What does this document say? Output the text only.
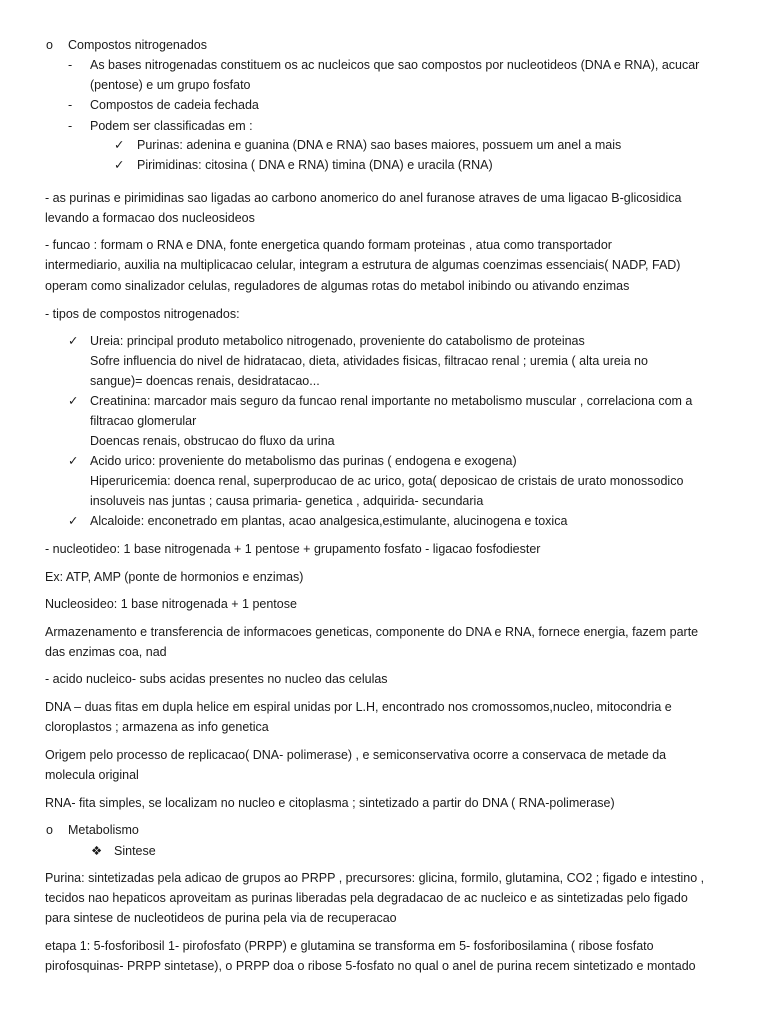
o Compostos nitrogenados
- As bases nitrogenadas constituem os ac nucleicos que sao compostos por nucleotideos (DNA e RNA), acucar
(pentose) e um grupo fosfato
- Compostos de cadeia fechada
- Podem ser classificadas em :
✓ Purinas: adenina e guanina (DNA e RNA) sao bases maiores, possuem um anel a mais
✓ Pirimidinas: citosina ( DNA e RNA) timina (DNA) e uracila (RNA)
- as purinas e pirimidinas sao ligadas ao carbono anomerico do anel furanose atraves de uma ligacao B-glicosidica
levando a formacao dos nucleosideos
- funcao : formam o RNA e DNA, fonte energetica quando formam proteinas , atua como transportador
intermediario, auxilia na multiplicacao celular, integram a estrutura de algumas coenzimas essenciais( NADP, FAD)
operam como sinalizador celulas, reguladores de algumas rotas do metabol inibindo ou ativando enzimas
- tipos de compostos nitrogenados:
✓ Ureia: principal produto metabolico nitrogenado, proveniente do catabolismo de proteinas
Sofre influencia do nivel de hidratacao, dieta, atividades fisicas, filtracao renal ; uremia ( alta ureia no
sangue)= doencas renais, desidratacao...
✓ Creatinina: marcador mais seguro da funcao renal importante no metabolismo muscular , correlaciona com a
filtracao glomerular
Doencas renais, obstrucao do fluxo da urina
✓ Acido urico: proveniente do metabolismo das purinas ( endogena e exogena)
Hiperuricemia: doenca renal, superproducao de ac urico, gota( deposicao de cristais de urato monossodico
insoluveis nas juntas ; causa primaria- genetica , adquirida- secundaria
✓ Alcaloide: enconetrado em plantas, acao analgesica,estimulante, alucinogena e toxica
- nucleotideo: 1 base nitrogenada + 1 pentose + grupamento fosfato - ligacao fosfodiester
Ex: ATP, AMP (ponte de hormonios e enzimas)
Nucleosideo: 1 base nitrogenada + 1 pentose
Armazenamento e transferencia de informacoes geneticas, componente do DNA e RNA, fornece energia, fazem parte
das enzimas coa, nad
- acido nucleico- subs acidas presentes no nucleo das celulas
DNA – duas fitas em dupla helice em espiral unidas por L.H, encontrado nos cromossomos,nucleo, mitocondria e
cloroplastos ; armazena as info genetica
Origem pelo processo de replicacao( DNA- polimerase) , e semiconservativa ocorre a conservaca de metade da
molecula original
RNA- fita simples, se localizam no nucleo e citoplasma ; sintetizado a partir do DNA ( RNA-polimerase)
o Metabolismo
❖ Sintese
Purina: sintetizadas pela adicao de grupos ao PRPP , precursores: glicina, formilo, glutamina, CO2 ; figado e intestino ,
tecidos nao hepaticos aproveitam as purinas liberadas pela degradacao de ac nucleico e as sintetizadas pelo figado
para sintese de nucleotideos de purina pela via de recuperacao
etapa 1: 5-fosforibosil 1- pirofosfato (PRPP) e glutamina se transforma em 5- fosforibosilamina ( ribose fosfato
pirofosquinas- PRPP sintetase), o PRPP doa o ribose 5-fosfato no qual o anel de purina recem sintetizado e montado
